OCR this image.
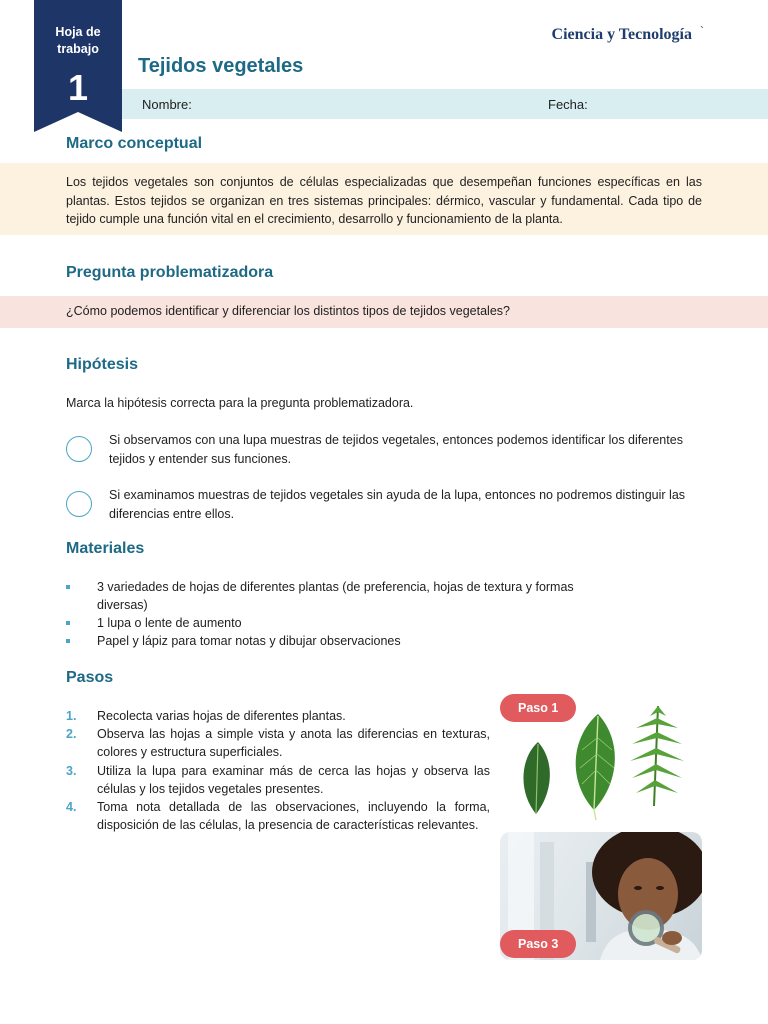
Hoja de
trabajo
1
Ciencia y Tecnología `
Tejidos vegetales
Nombre:	Fecha:
Marco conceptual
Los tejidos vegetales son conjuntos de células especializadas que desempeñan funciones específicas en las plantas. Estos tejidos se organizan en tres sistemas principales: dérmico, vascular y fundamental. Cada tipo de tejido cumple una función vital en el crecimiento, desarrollo y funcionamiento de la planta.
Pregunta problematizadora
¿Cómo podemos identificar y diferenciar los distintos tipos de tejidos vegetales?
Hipótesis
Marca la hipótesis correcta para la pregunta problematizadora.
Si observamos con una lupa muestras de tejidos vegetales, entonces podemos identificar los diferentes tejidos y entender sus funciones.
Si examinamos muestras de tejidos vegetales sin ayuda de la lupa, entonces no podremos distinguir las diferencias entre ellos.
Materiales
3 variedades de hojas de diferentes plantas (de preferencia, hojas de textura y formas diversas)
1 lupa o lente de aumento
Papel y lápiz para tomar notas y dibujar observaciones
Pasos
1. Recolecta varias hojas de diferentes plantas.
2. Observa las hojas a simple vista y anota las diferencias en texturas, colores y estructura superficiales.
3. Utiliza la lupa para examinar más de cerca las hojas y observa las células y los tejidos vegetales presentes.
4. Toma nota detallada de las observaciones, incluyendo la forma, disposición de las células, la presencia de características relevantes.
Paso 1
Paso 3
